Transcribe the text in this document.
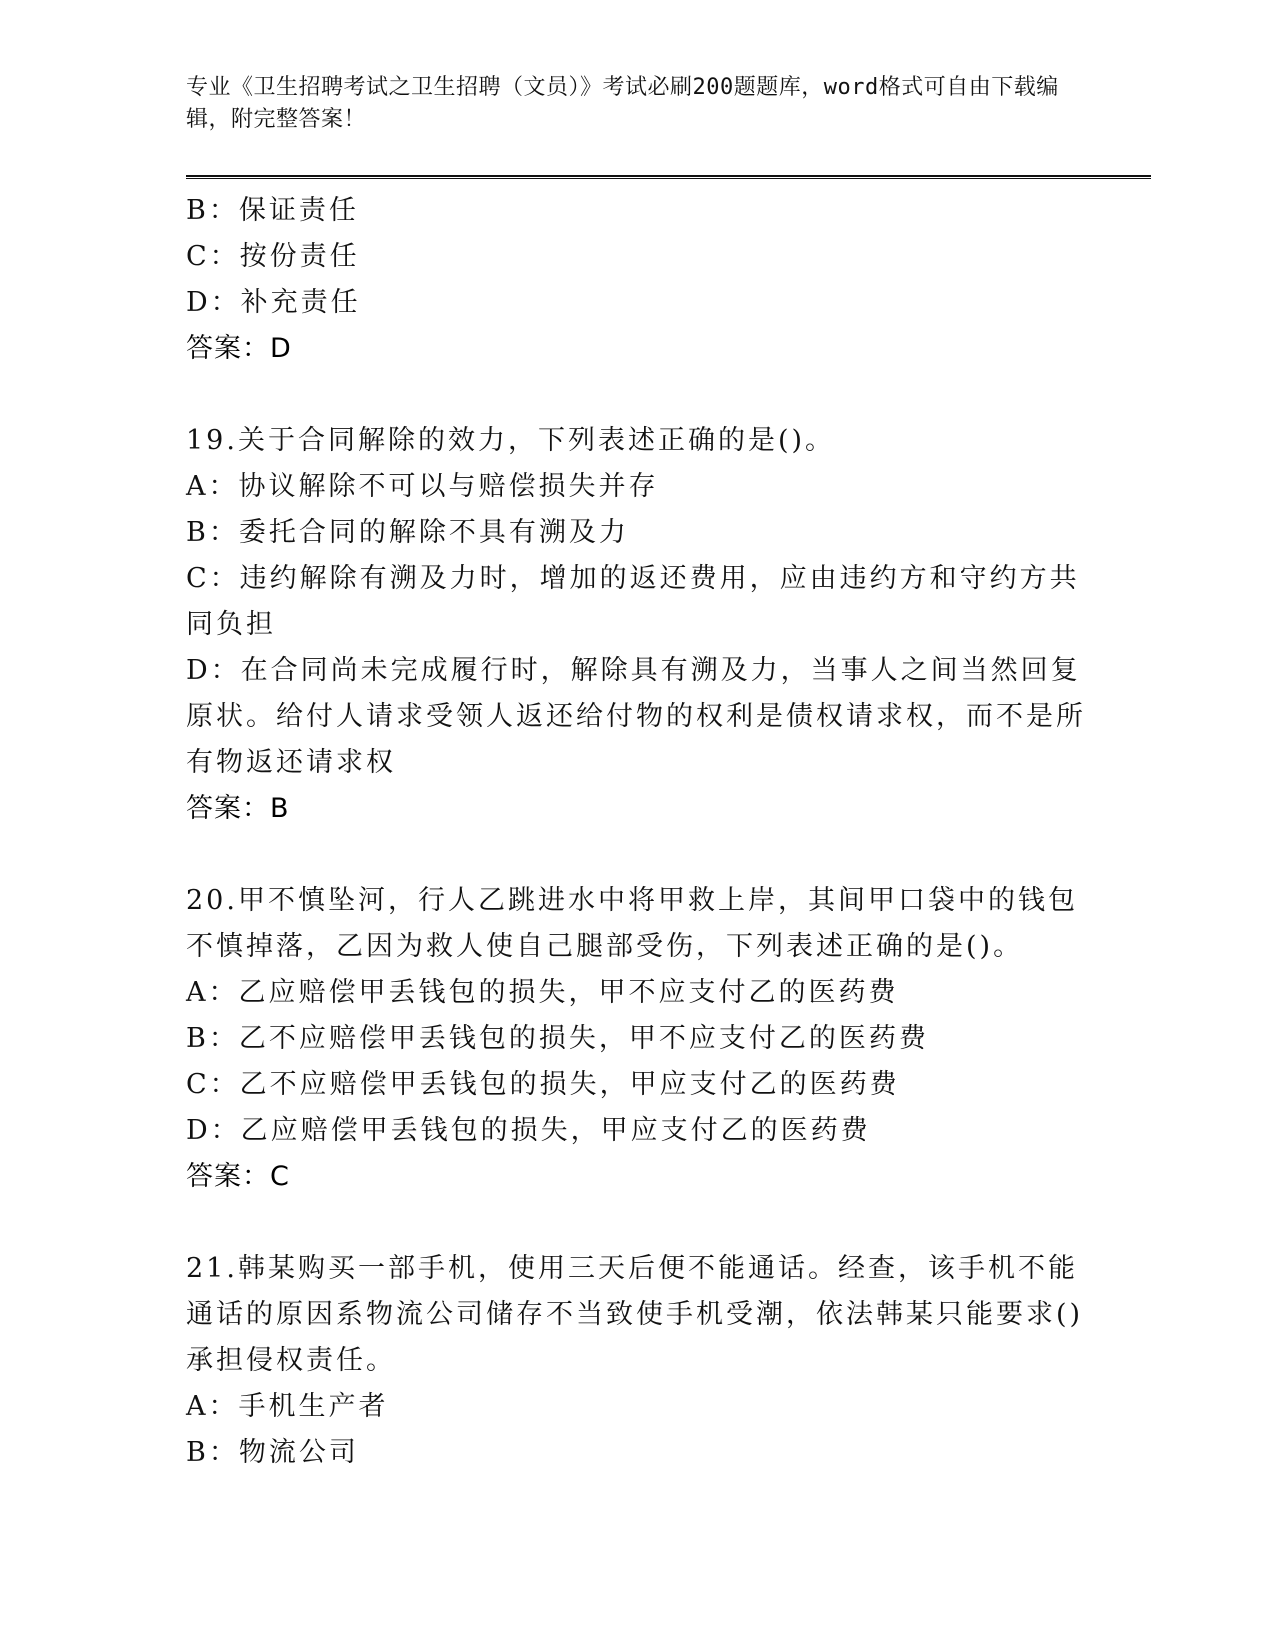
专业《卫生招聘考试之卫生招聘（文员）》考试必刷200题题库，word格式可自由下载编辑，附完整答案！
B：保证责任
C：按份责任
D：补充责任
答案：D
19.关于合同解除的效力，下列表述正确的是()。
A：协议解除不可以与赔偿损失并存
B：委托合同的解除不具有溯及力
C：违约解除有溯及力时，增加的返还费用，应由违约方和守约方共同负担
D：在合同尚未完成履行时，解除具有溯及力，当事人之间当然回复原状。给付人请求受领人返还给付物的权利是债权请求权，而不是所有物返还请求权
答案：B
20.甲不慎坠河，行人乙跳进水中将甲救上岸，其间甲口袋中的钱包不慎掉落，乙因为救人使自己腿部受伤，下列表述正确的是()。
A：乙应赔偿甲丢钱包的损失，甲不应支付乙的医药费
B：乙不应赔偿甲丢钱包的损失，甲不应支付乙的医药费
C：乙不应赔偿甲丢钱包的损失，甲应支付乙的医药费
D：乙应赔偿甲丢钱包的损失，甲应支付乙的医药费
答案：C
21.韩某购买一部手机，使用三天后便不能通话。经查，该手机不能通话的原因系物流公司储存不当致使手机受潮，依法韩某只能要求()承担侵权责任。
A：手机生产者
B：物流公司
